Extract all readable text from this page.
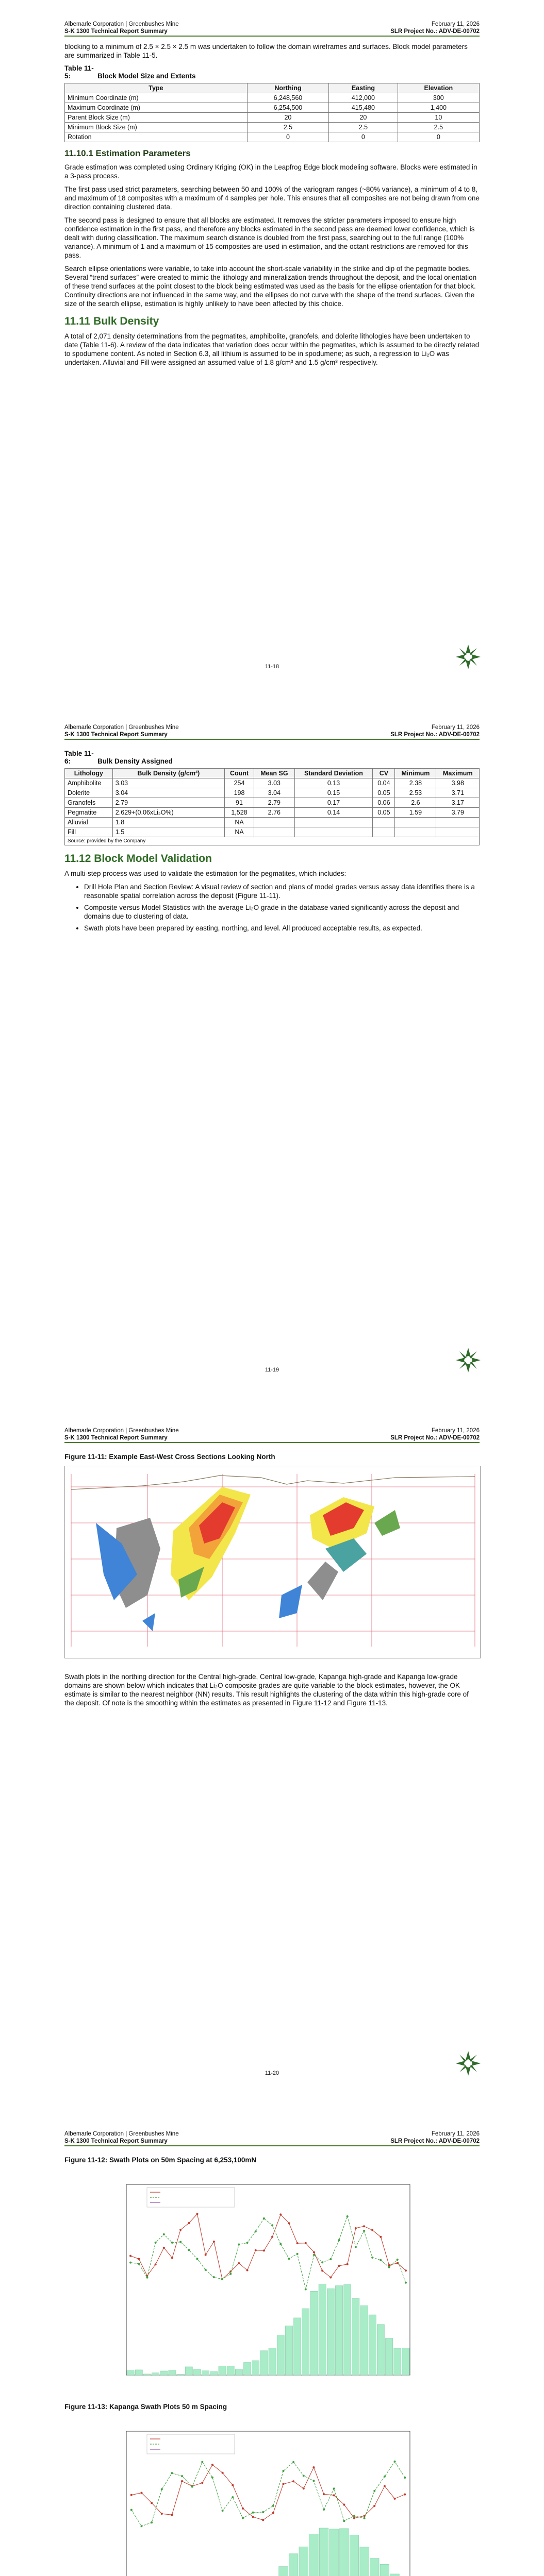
Albemarle Corporation | Greenbushes Mine	February 11, 2026
S-K 1300 Technical Report Summary	SLR Project No.: ADV-DE-00702

blocking to a minimum of 2.5 × 2.5 × 2.5 m was undertaken to follow the domain wireframes and surfaces. Block model parameters are summarized in Table 11-5.

Table 11-5:	Block Model Size and Extents
Type	Northing	Easting	Elevation
Minimum Coordinate (m)	6,248,560	412,000	300
Maximum Coordinate (m)	6,254,500	415,480	1,400
Parent Block Size (m)	20	20	10
Minimum Block Size (m)	2.5	2.5	2.5
Rotation	0	0	0
11.10.1 Estimation Parameters

Grade estimation was completed using Ordinary Kriging (OK) in the Leapfrog Edge block modeling software. Blocks were estimated in a 3-pass process.

The first pass used strict parameters, searching between 50 and 100% of the variogram ranges (~80% variance), a minimum of 4 to 8, and maximum of 18 composites with a maximum of 4 samples per hole. This ensures that all composites are not being drawn from one direction containing clustered data.

The second pass is designed to ensure that all blocks are estimated. It removes the stricter parameters imposed to ensure high confidence estimation in the first pass, and therefore any blocks estimated in the second pass are deemed lower confidence, which is dealt with during classification. The maximum search distance is doubled from the first pass, searching out to the full range (100% variance). A minimum of 1 and a maximum of 15 composites are used in estimation, and the octant restrictions are removed for this pass.

Search ellipse orientations were variable, to take into account the short-scale variability in the strike and dip of the pegmatite bodies. Several “trend surfaces” were created to mimic the lithology and mineralization trends throughout the deposit, and the local orientation of these trend surfaces at the point closest to the block being estimated was used as the basis for the ellipse orientation for that block. Continuity directions are not influenced in the same way, and the ellipses do not curve with the shape of the trend surfaces. Given the size of the search ellipse, estimation is highly unlikely to have been affected by this choice.

11.11 Bulk Density

A total of 2,071 density determinations from the pegmatites, amphibolite, granofels, and dolerite lithologies have been undertaken to date (Table 11-6). A review of the data indicates that variation does occur within the pegmatites, which is assumed to be directly related to spodumene content. As noted in Section 6.3, all lithium is assumed to be in spodumene; as such, a regression to Li₂O was undertaken. Alluvial and Fill were assigned an assumed value of 1.8 g/cm³ and 1.5 g/cm³ respectively.

11-18
Albemarle Corporation | Greenbushes Mine	February 11, 2026
S-K 1300 Technical Report Summary	SLR Project No.: ADV-DE-00702
Table 11-6:	Bulk Density Assigned
Lithology	Bulk Density (g/cm³)	Count	Mean SG	Standard Deviation	CV	Minimum	Maximum
Amphibolite	3.03	254	3.03	0.13	0.04	2.38	3.98
Dolerite	3.04	198	3.04	0.15	0.05	2.53	3.71
Granofels	2.79	91	2.79	0.17	0.06	2.6	3.17
Pegmatite	2.629+(0.06xLi₂O%)	1,528	2.76	0.14	0.05	1.59	3.79
Alluvial	1.8	NA					
Fill	1.5	NA					
Source: provided by the Company							
11.12 Block Model Validation

A multi-step process was used to validate the estimation for the pegmatites, which includes:

• Drill Hole Plan and Section Review: A visual review of section and plans of model grades versus assay data identifies there is a reasonable spatial correlation across the deposit (Figure 11-11).
• Composite versus Model Statistics with the average Li₂O grade in the database varied significantly across the deposit and domains due to clustering of data.
• Swath plots have been prepared by easting, northing, and level. All produced acceptable results, as expected.
11-19
Albemarle Corporation | Greenbushes Mine	February 11, 2026
S-K 1300 Technical Report Summary	SLR Project No.: ADV-DE-00702
Figure 11-11: Example East-West Cross Sections Looking North

Swath plots in the northing direction for the Central high-grade, Central low-grade, Kapanga high-grade and Kapanga low-grade domains are shown below which indicates that Li₂O composite grades are quite variable to the block estimates, however, the OK estimate is similar to the nearest neighbor (NN) results. This result highlights the clustering of the data within this high-grade core of the deposit. Of note is the smoothing within the estimates as presented in Figure 11-12 and Figure 11-13.

11-20
Albemarle Corporation | Greenbushes Mine	February 11, 2026
S-K 1300 Technical Report Summary	SLR Project No.: ADV-DE-00702
Figure 11-12: Swath Plots on 50m Spacing at 6,253,100mN
Figure 11-13: Kapanga Swath Plots 50 m Spacing
